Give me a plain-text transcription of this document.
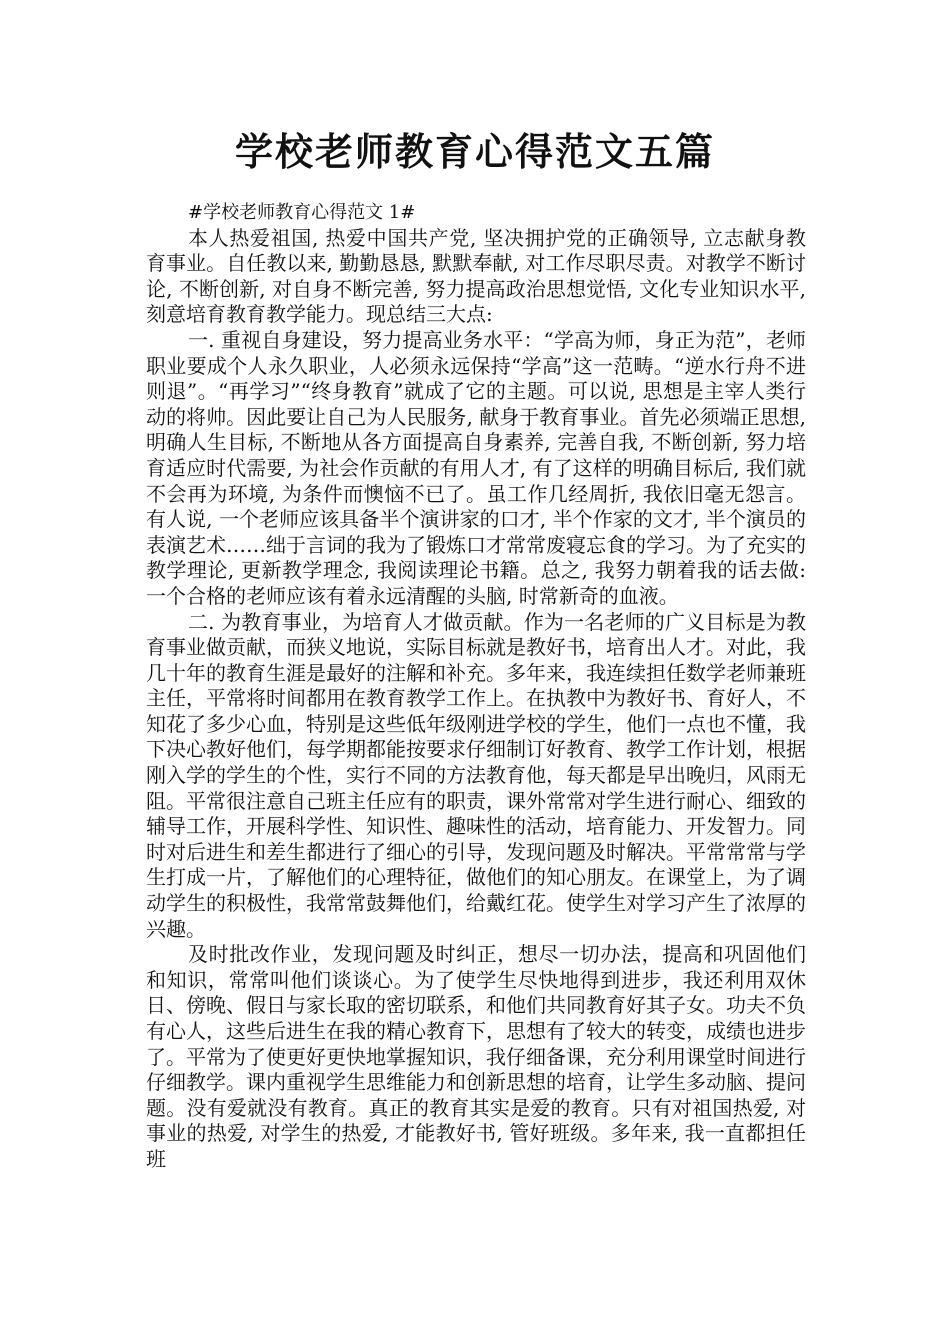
学校老师教育心得范文五篇

#学校老师教育心得范文 1#

本人热爱祖国, 热爱中国共产党, 坚决拥护党的正确领导, 立志献身教育事业。自任教以来, 勤勤恳恳, 默默奉献, 对工作尽职尽责。对教学不断讨论, 不断创新, 对自身不断完善, 努力提高政治思想觉悟, 文化专业知识水平, 刻意培育教育教学能力。现总结三大点:

一. 重视自身建设，努力提高业务水平：“学高为师，身正为范”，老师职业要成个人永久职业，人必须永远保持“学高”这一范畴。“逆水行舟不进则退”。“再学习”“终身教育”就成了它的主题。可以说, 思想是主宰人类行动的将帅。因此要让自己为人民服务, 献身于教育事业。首先必须端正思想, 明确人生目标, 不断地从各方面提高自身素养, 完善自我, 不断创新, 努力培育适应时代需要, 为社会作贡献的有用人才, 有了这样的明确目标后, 我们就不会再为环境, 为条件而懊恼不已了。虽工作几经周折, 我依旧毫无怨言。有人说, 一个老师应该具备半个演讲家的口才, 半个作家的文才, 半个演员的表演艺术……绌于言词的我为了锻炼口才常常废寝忘食的学习。为了充实的教学理论, 更新教学理念, 我阅读理论书籍。总之, 我努力朝着我的话去做: 一个合格的老师应该有着永远清醒的头脑, 时常新奇的血液。

二. 为教育事业，为培育人才做贡献。作为一名老师的广义目标是为教育事业做贡献，而狭义地说，实际目标就是教好书，培育出人才。对此，我几十年的教育生涯是最好的注解和补充。多年来，我连续担任数学老师兼班主任，平常将时间都用在教育教学工作上。在执教中为教好书、育好人，不知花了多少心血，特别是这些低年级刚进学校的学生，他们一点也不懂，我下决心教好他们，每学期都能按要求仔细制订好教育、教学工作计划，根据刚入学的学生的个性，实行不同的方法教育他，每天都是早出晚归，风雨无阻。平常很注意自己班主任应有的职责，课外常常对学生进行耐心、细致的辅导工作，开展科学性、知识性、趣味性的活动，培育能力、开发智力。同时对后进生和差生都进行了细心的引导，发现问题及时解决。平常常常与学生打成一片，了解他们的心理特征，做他们的知心朋友。在课堂上，为了调动学生的积极性，我常常鼓舞他们，给戴红花。使学生对学习产生了浓厚的兴趣。

及时批改作业，发现问题及时纠正，想尽一切办法，提高和巩固他们和知识，常常叫他们谈谈心。为了使学生尽快地得到进步，我还利用双休日、傍晚、假日与家长取的密切联系，和他们共同教育好其子女。功夫不负有心人，这些后进生在我的精心教育下，思想有了较大的转变，成绩也进步了。平常为了使更好更快地掌握知识，我仔细备课，充分利用课堂时间进行仔细教学。课内重视学生思维能力和创新思想的培育，让学生多动脑、提问题。没有爱就没有教育。真正的教育其实是爱的教育。只有对祖国热爱, 对事业的热爱, 对学生的热爱, 才能教好书, 管好班级。多年来, 我一直都担任班
